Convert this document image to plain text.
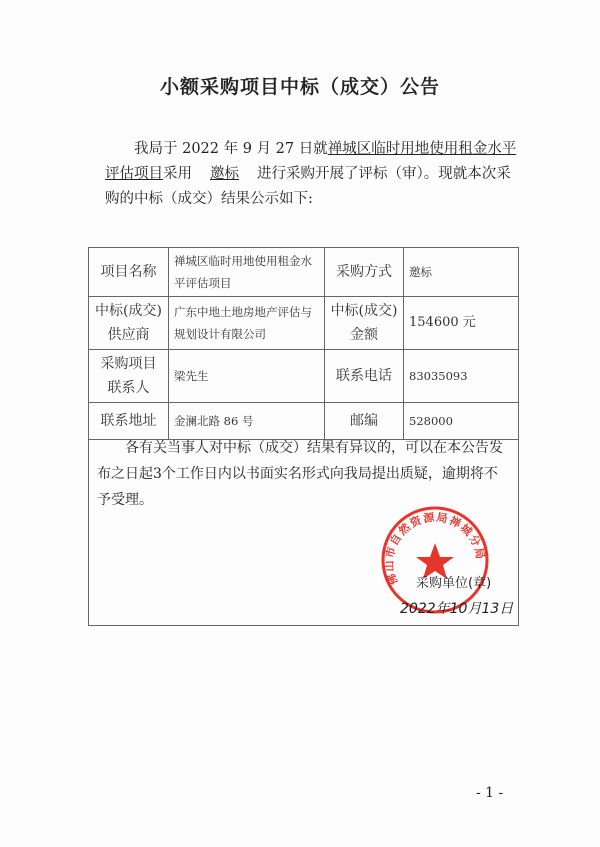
小额采购项目中标（成交）公告
我局于 2022 年 9 月 27 日就禅城区临时用地使用租金水平评估项目采用 邀标 进行采购开展了评标（审）。现就本次采购的中标（成交）结果公示如下:
项目名称	禅城区临时用地使用租金水平评估项目	采购方式	邀标
中标(成交)供应商	广东中地土地房地产评估与规划设计有限公司	中标(成交)金额	154600 元
采购项目联系人	梁先生	联系电话	83035093
联系地址	金澜北路 86 号	邮编	528000

各有关当事人对中标（成交）结果有异议的，可以在本公告发布之日起3个工作日内以书面实名形式向我局提出质疑，逾期将不予受理。

佛山市自然资源局禅城分局
采购单位(章)
2022年10月13日
- 1 -
